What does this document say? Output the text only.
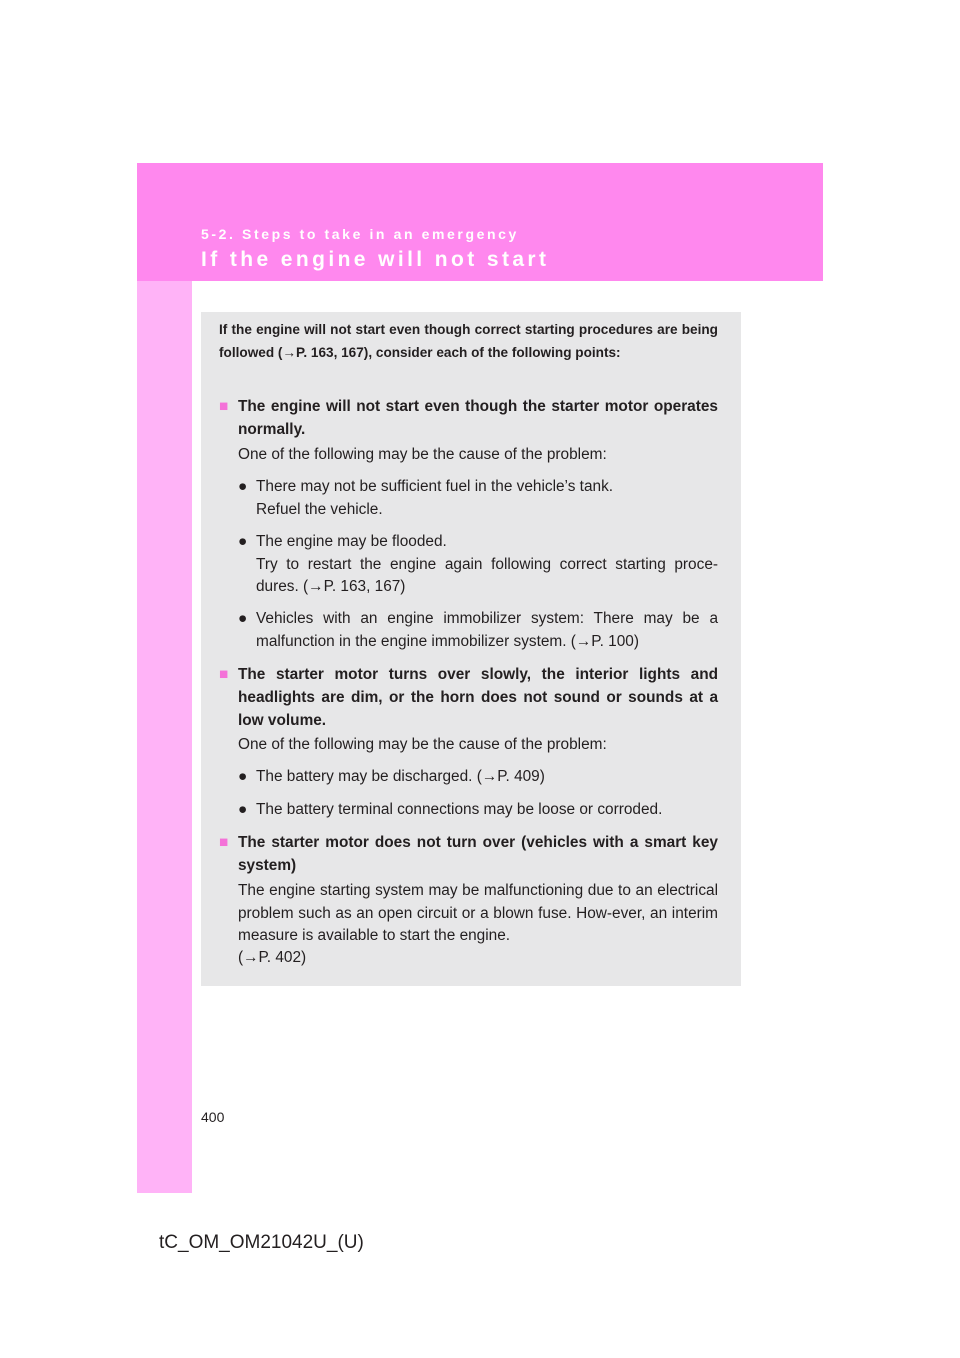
5-2. Steps to take in an emergency
If the engine will not start
If the engine will not start even though correct starting procedures are being followed (→P. 163, 167), consider each of the following points:
■ The engine will not start even though the starter motor operates normally.
One of the following may be the cause of the problem:
● There may not be sufficient fuel in the vehicle’s tank.
Refuel the vehicle.
● The engine may be flooded.
Try to restart the engine again following correct starting proce-dures. (→P. 163, 167)
● Vehicles with an engine immobilizer system: There may be a malfunction in the engine immobilizer system. (→P. 100)
■ The starter motor turns over slowly, the interior lights and headlights are dim, or the horn does not sound or sounds at a low volume.
One of the following may be the cause of the problem:
● The battery may be discharged. (→P. 409)
● The battery terminal connections may be loose or corroded.
■ The starter motor does not turn over (vehicles with a smart key system)
The engine starting system may be malfunctioning due to an electrical problem such as an open circuit or a blown fuse. How-ever, an interim measure is available to start the engine.
(→P. 402)
400
tC_OM_OM21042U_(U)
